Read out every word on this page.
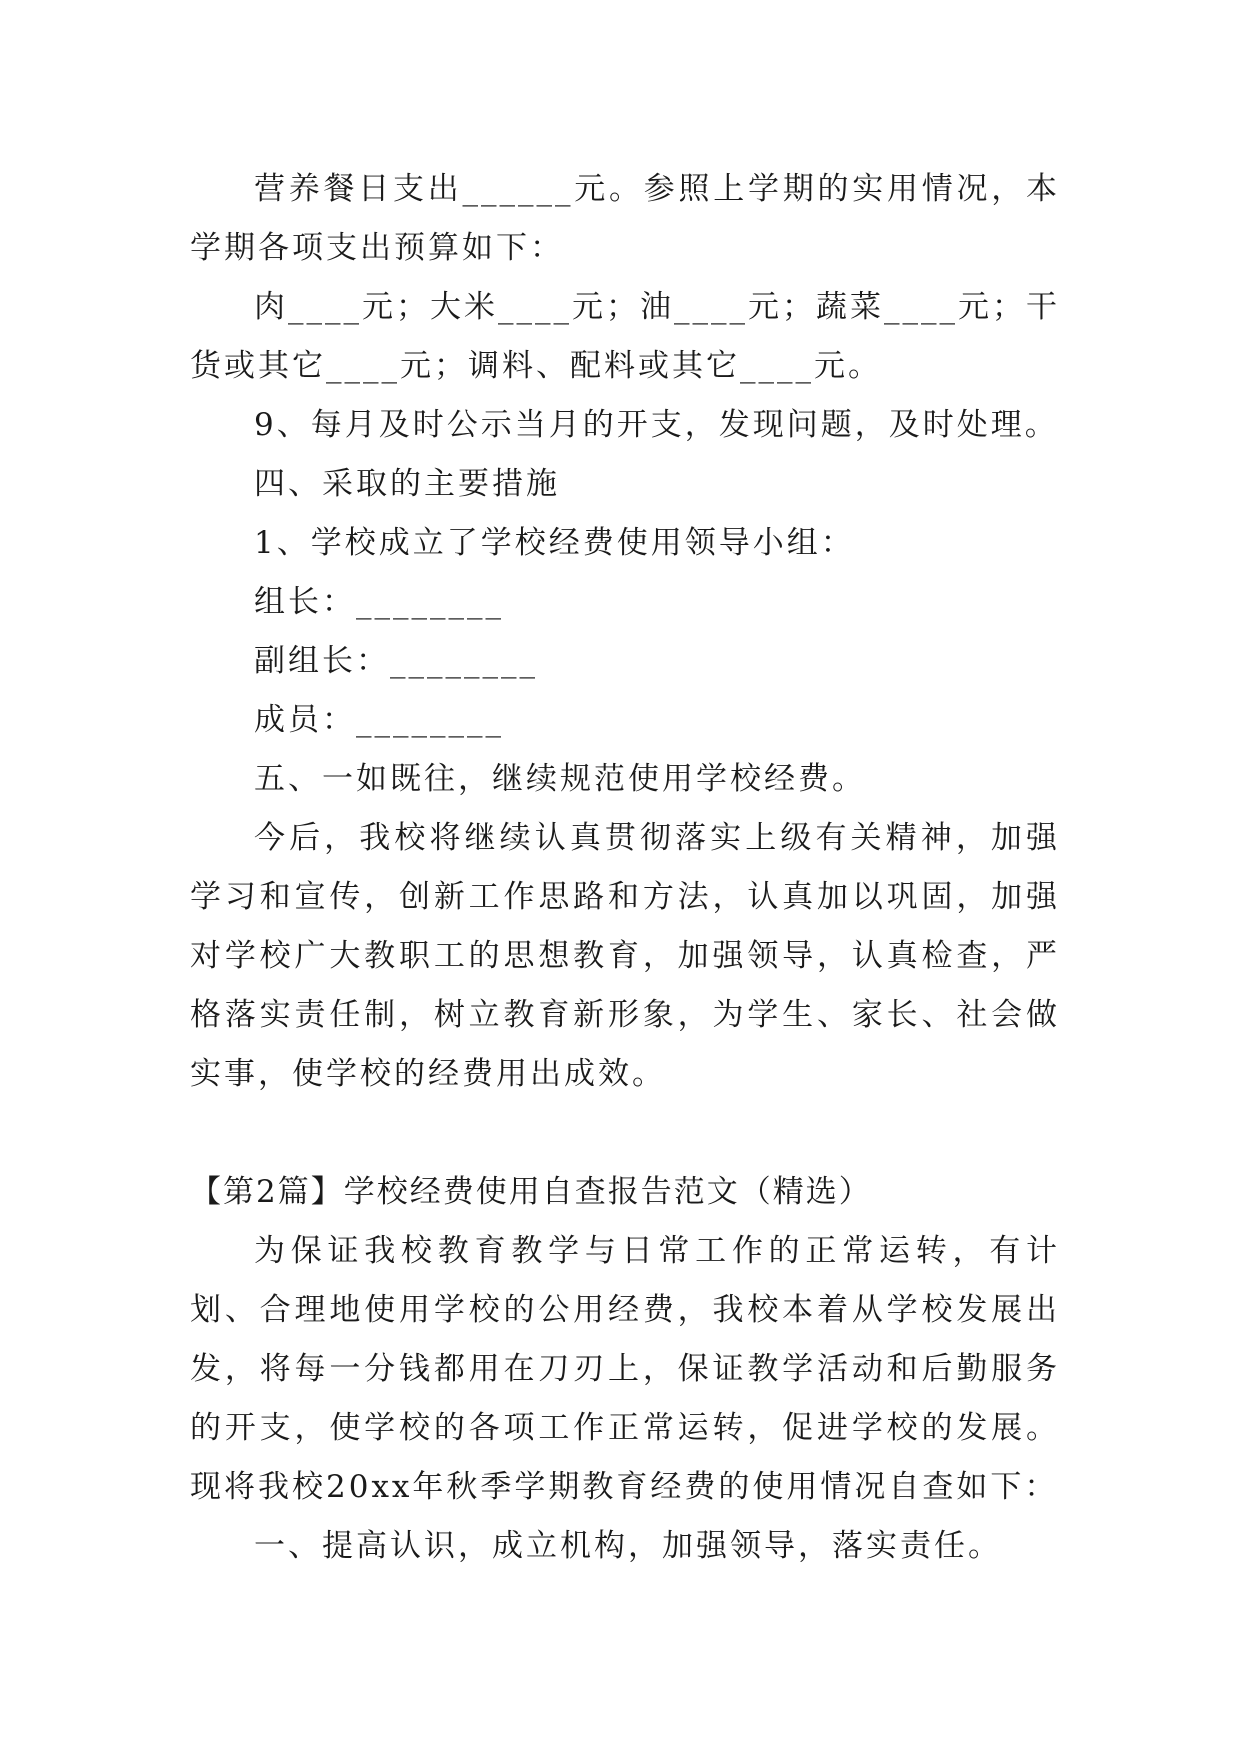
营养餐日支出______元。参照上学期的实用情况，本学期各项支出预算如下：

肉____元；大米____元；油____元；蔬菜____元；干货或其它____元；调料、配料或其它____元。

9、每月及时公示当月的开支，发现问题，及时处理。

四、采取的主要措施

1、学校成立了学校经费使用领导小组：

组长：________

副组长：________

成员：________

五、一如既往，继续规范使用学校经费。

今后，我校将继续认真贯彻落实上级有关精神，加强学习和宣传，创新工作思路和方法，认真加以巩固，加强对学校广大教职工的思想教育，加强领导，认真检查，严格落实责任制，树立教育新形象，为学生、家长、社会做实事，使学校的经费用出成效。

【第2篇】学校经费使用自查报告范文（精选）

为保证我校教育教学与日常工作的正常运转，有计划、合理地使用学校的公用经费，我校本着从学校发展出发，将每一分钱都用在刀刃上，保证教学活动和后勤服务的开支，使学校的各项工作正常运转，促进学校的发展。现将我校20xx年秋季学期教育经费的使用情况自查如下：

一、提高认识，成立机构，加强领导，落实责任。
